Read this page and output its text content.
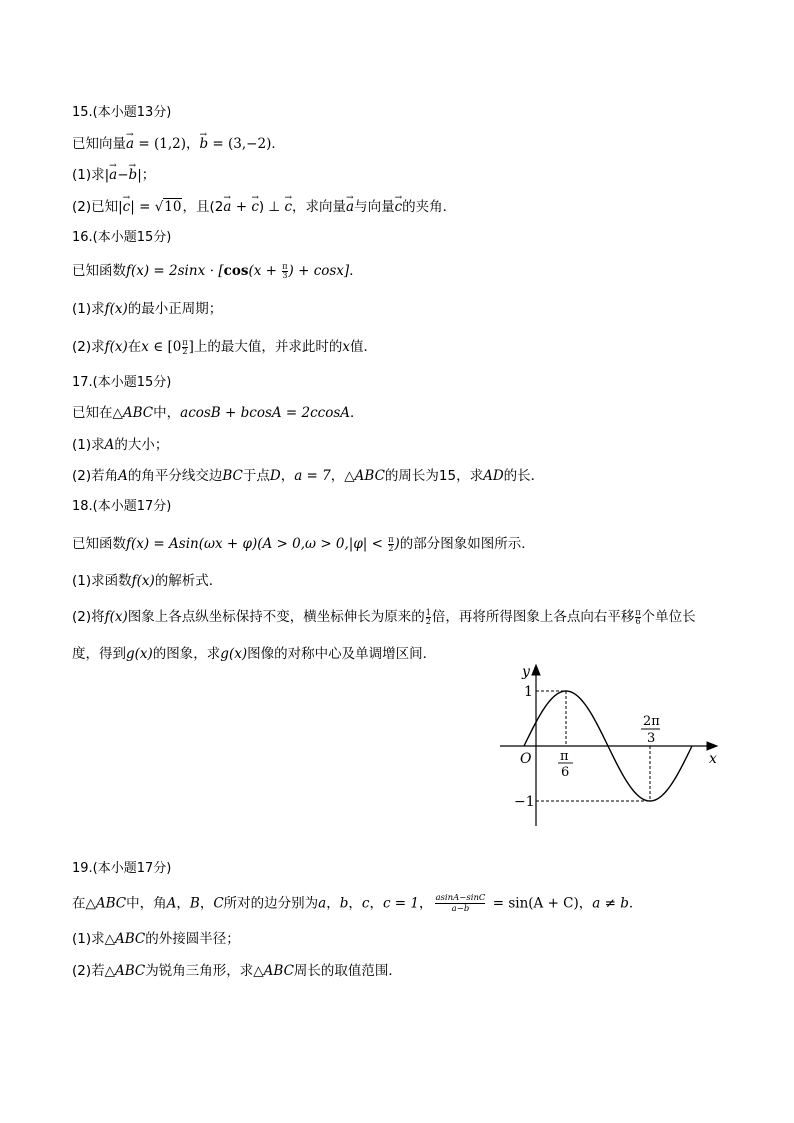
15.(本小题13分)
已知向量→ a = (1,2)，→ b = (3,−2)．
(1)求|→ a−→ b|；
(2)已知|→ c| = √10，且(2→ a + → c) ⊥ → c，求向量→ a与向量→ c的夹角．
16.(本小题15分)
已知函数$f(x) = 2\sin x \cdot [\cos(x + \frac{\pi}{3}$ ) + cosx]．
(1)求f(x)的最小正周期；
(2)求f(x)在x ∈ [$0 \frac{\pi}{2}$ ]上的最大值，并求此时的x值．
17.(本小题15分)
已知在△ABC中，acosB + bcosA = 2ccosA．
(1)求A的大小；
(2)若角A的角平分线交边BC于点D，a = 7，△ABC的周长为15，求AD的长．
18.(本小题17分)
已知函数$f(x) = Asin(\omega x + \varphi)(A > 0,\omega > 0,|\varphi| < \frac{\pi}{2}$ )的部分图象如图所示．
(1)求函数f(x)的解析式．
(2)将f(x)图象上各点纵坐标保持不变，横坐标伸长为原来的 $\frac{1}{2}$ 倍，再将所得图象上各点向右平移 $\frac{\pi}{6}$ 个单位长
度，得到g(x)的图象，求g(x)图像的对称中心及单调增区间．
y
x
O
1
−1
π
6
2π
3
19.(本小题17分)
在△ABC中，角A，B，C所对的边分别为a，b，c，c = 1， $\frac{asinA-\sin C}{a-b} = \sin(A + C)$，a ≠ b．
(1)求△ABC的外接圆半径；
(2)若△ABC为锐角三角形，求△ABC周长的取值范围．
